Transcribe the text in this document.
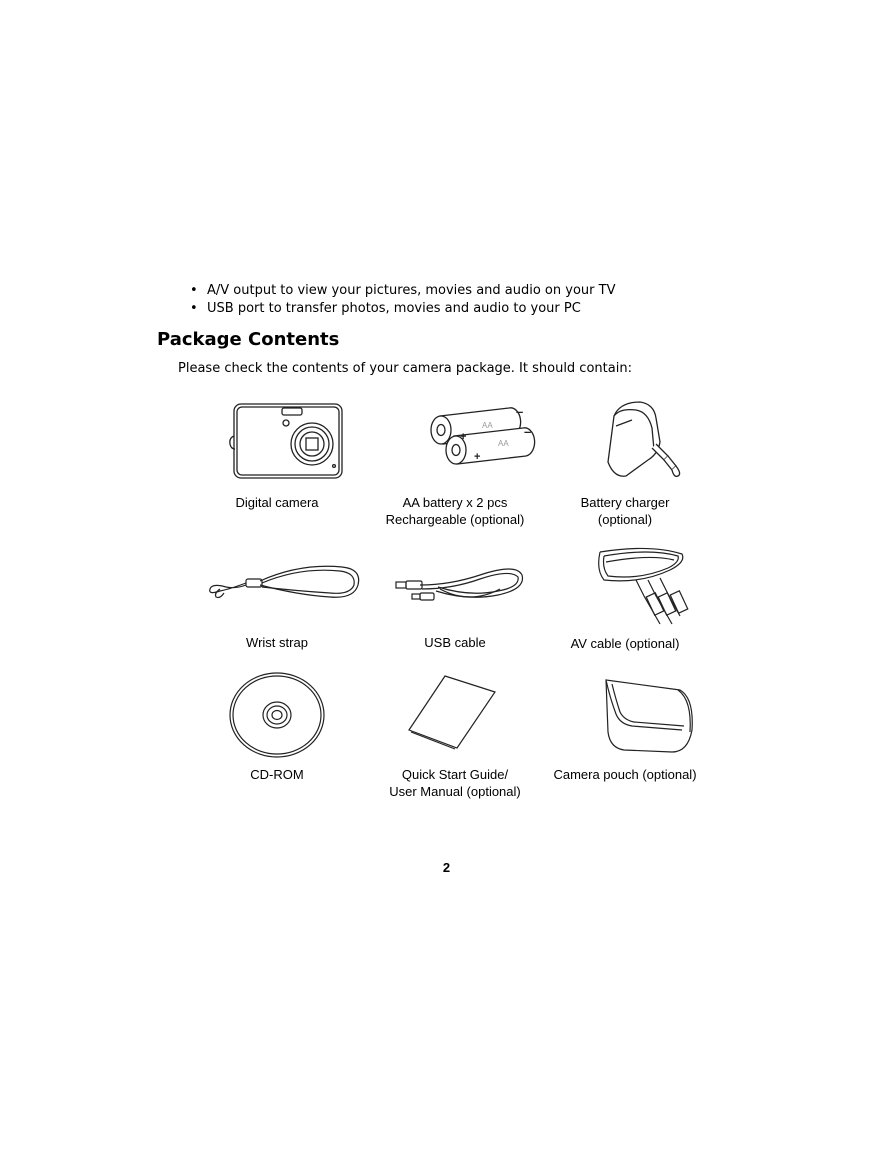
• A/V output to view your pictures, movies and audio on your TV
• USB port to transfer photos, movies and audio to your PC
Package Contents

Please check the contents of your camera package. It should contain:

Digital camera

+
+
–
–
AA
AA

AA battery x 2 pcs
Rechargeable (optional)

Battery charger
(optional)

Wrist strap	USB cable	AV cable (optional)

CD-ROM	Quick Start Guide/
User Manual (optional)

Camera pouch (optional)

2
